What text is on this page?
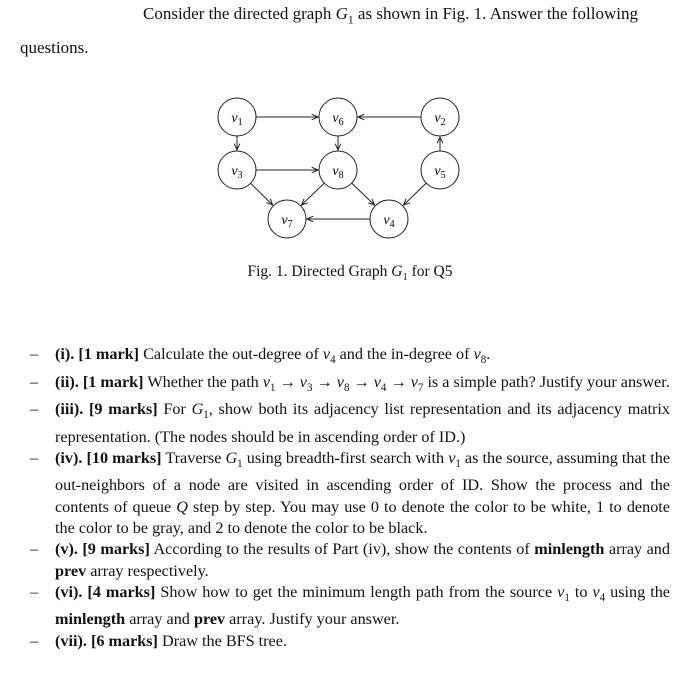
Consider the directed graph $G_1$ as shown in Fig. 1. Answer the following
questions.
$v_1$	$v_6$	$v_2$
$v_3$	$v_8$	$v_5$
$v_7$	$v_4$
Fig. 1. Directed Graph $G_1$ for Q5
– (i). [1 mark] Calculate the out-degree of $v_4$ and the in-degree of $v_8$.
– (ii). [1 mark] Whether the path $v_1 \to v_3 \to v_8 \to v_4 \to v_7$ is a simple path? Justify your answer.
– (iii). [9 marks] For $G_1$, show both its adjacency list representation and its adjacency matrix representation. (The nodes should be in ascending order of ID.)
– (iv). [10 marks] Traverse $G_1$ using breadth-first search with $v_1$ as the source, assuming that the out-neighbors of a node are visited in ascending order of ID. Show the process and the contents of queue Q step by step. You may use 0 to denote the color to be white, 1 to denote the color to be gray, and 2 to denote the color to be black.
– (v). [9 marks] According to the results of Part (iv), show the contents of minlength array and prev array respectively.
– (vi). [4 marks] Show how to get the minimum length path from the source $v_1$ to $v_4$ using the minlength array and prev array. Justify your answer.
– (vii). [6 marks] Draw the BFS tree.
